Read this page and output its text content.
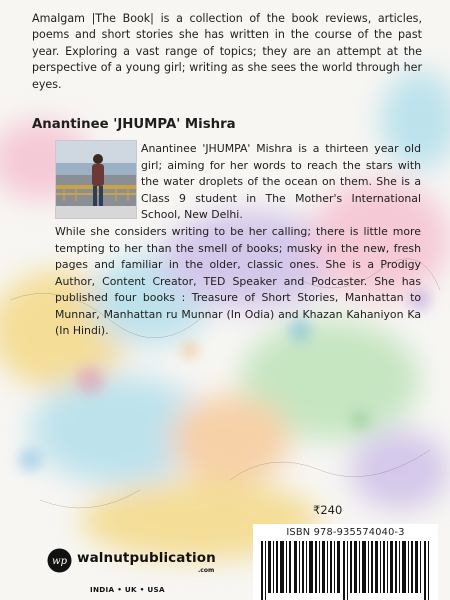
Amalgam |The Book| is a collection of the book reviews, articles, poems and short stories she has written in the course of the past year. Exploring a vast range of topics; they are an attempt at the perspective of a young girl; writing as she sees the world through her eyes.

Anantinee 'JHUMPA' Mishra

Anantinee 'JHUMPA' Mishra is a thirteen year old girl; aiming for her words to reach the stars with the water droplets of the ocean on them. She is a Class 9 student in The Mother's International School, New Delhi.

While she considers writing to be her calling; there is little more tempting to her than the smell of books; musky in the new, fresh pages and familiar in the older, classic ones. She is a Prodigy Author, Content Creator, TED Speaker and Podcaster. She has published four books : Treasure of Short Stories, Manhattan to Munnar, Manhattan ru Munnar (In Odia) and Khazan Kahaniyon Ka (In Hindi).

₹240
ISBN 978-935574040-3
wp walnutpublication
.com
INDIA • UK • USA
